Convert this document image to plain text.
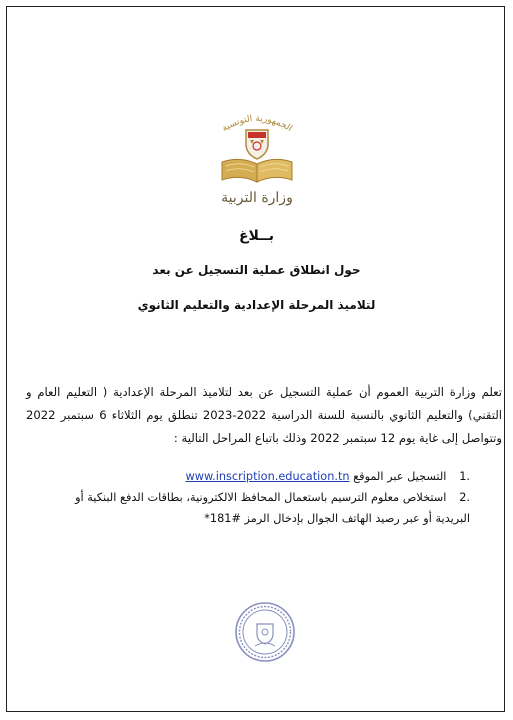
الجمهورية التونسية
وزارة التربية
بــلاغ
حول انطلاق عملية التسجيل عن بعد
لتلاميذ المرحلة الإعدادية والتعليم الثانوي
تعلم وزارة التربية العموم أن عملية التسجيل عن بعد لتلاميذ المرحلة الإعدادية ( التعليم العام و التقني) والتعليم الثانوي بالنسبة للسنة الدراسية 2022-2023 تنطلق يوم الثلاثاء 6 سبتمبر 2022 وتتواصل إلى غاية يوم 12 سبتمبر 2022 وذلك باتباع المراحل التالية :
.1 التسجيل عبر الموقع www.inscription.education.tn
.2 استخلاص معلوم الترسيم باستعمال المحافظ الالكترونية، بطاقات الدفع البنكية أو البريدية أو عبر رصيد الهاتف الجوال بإدخال الرمز #181*
